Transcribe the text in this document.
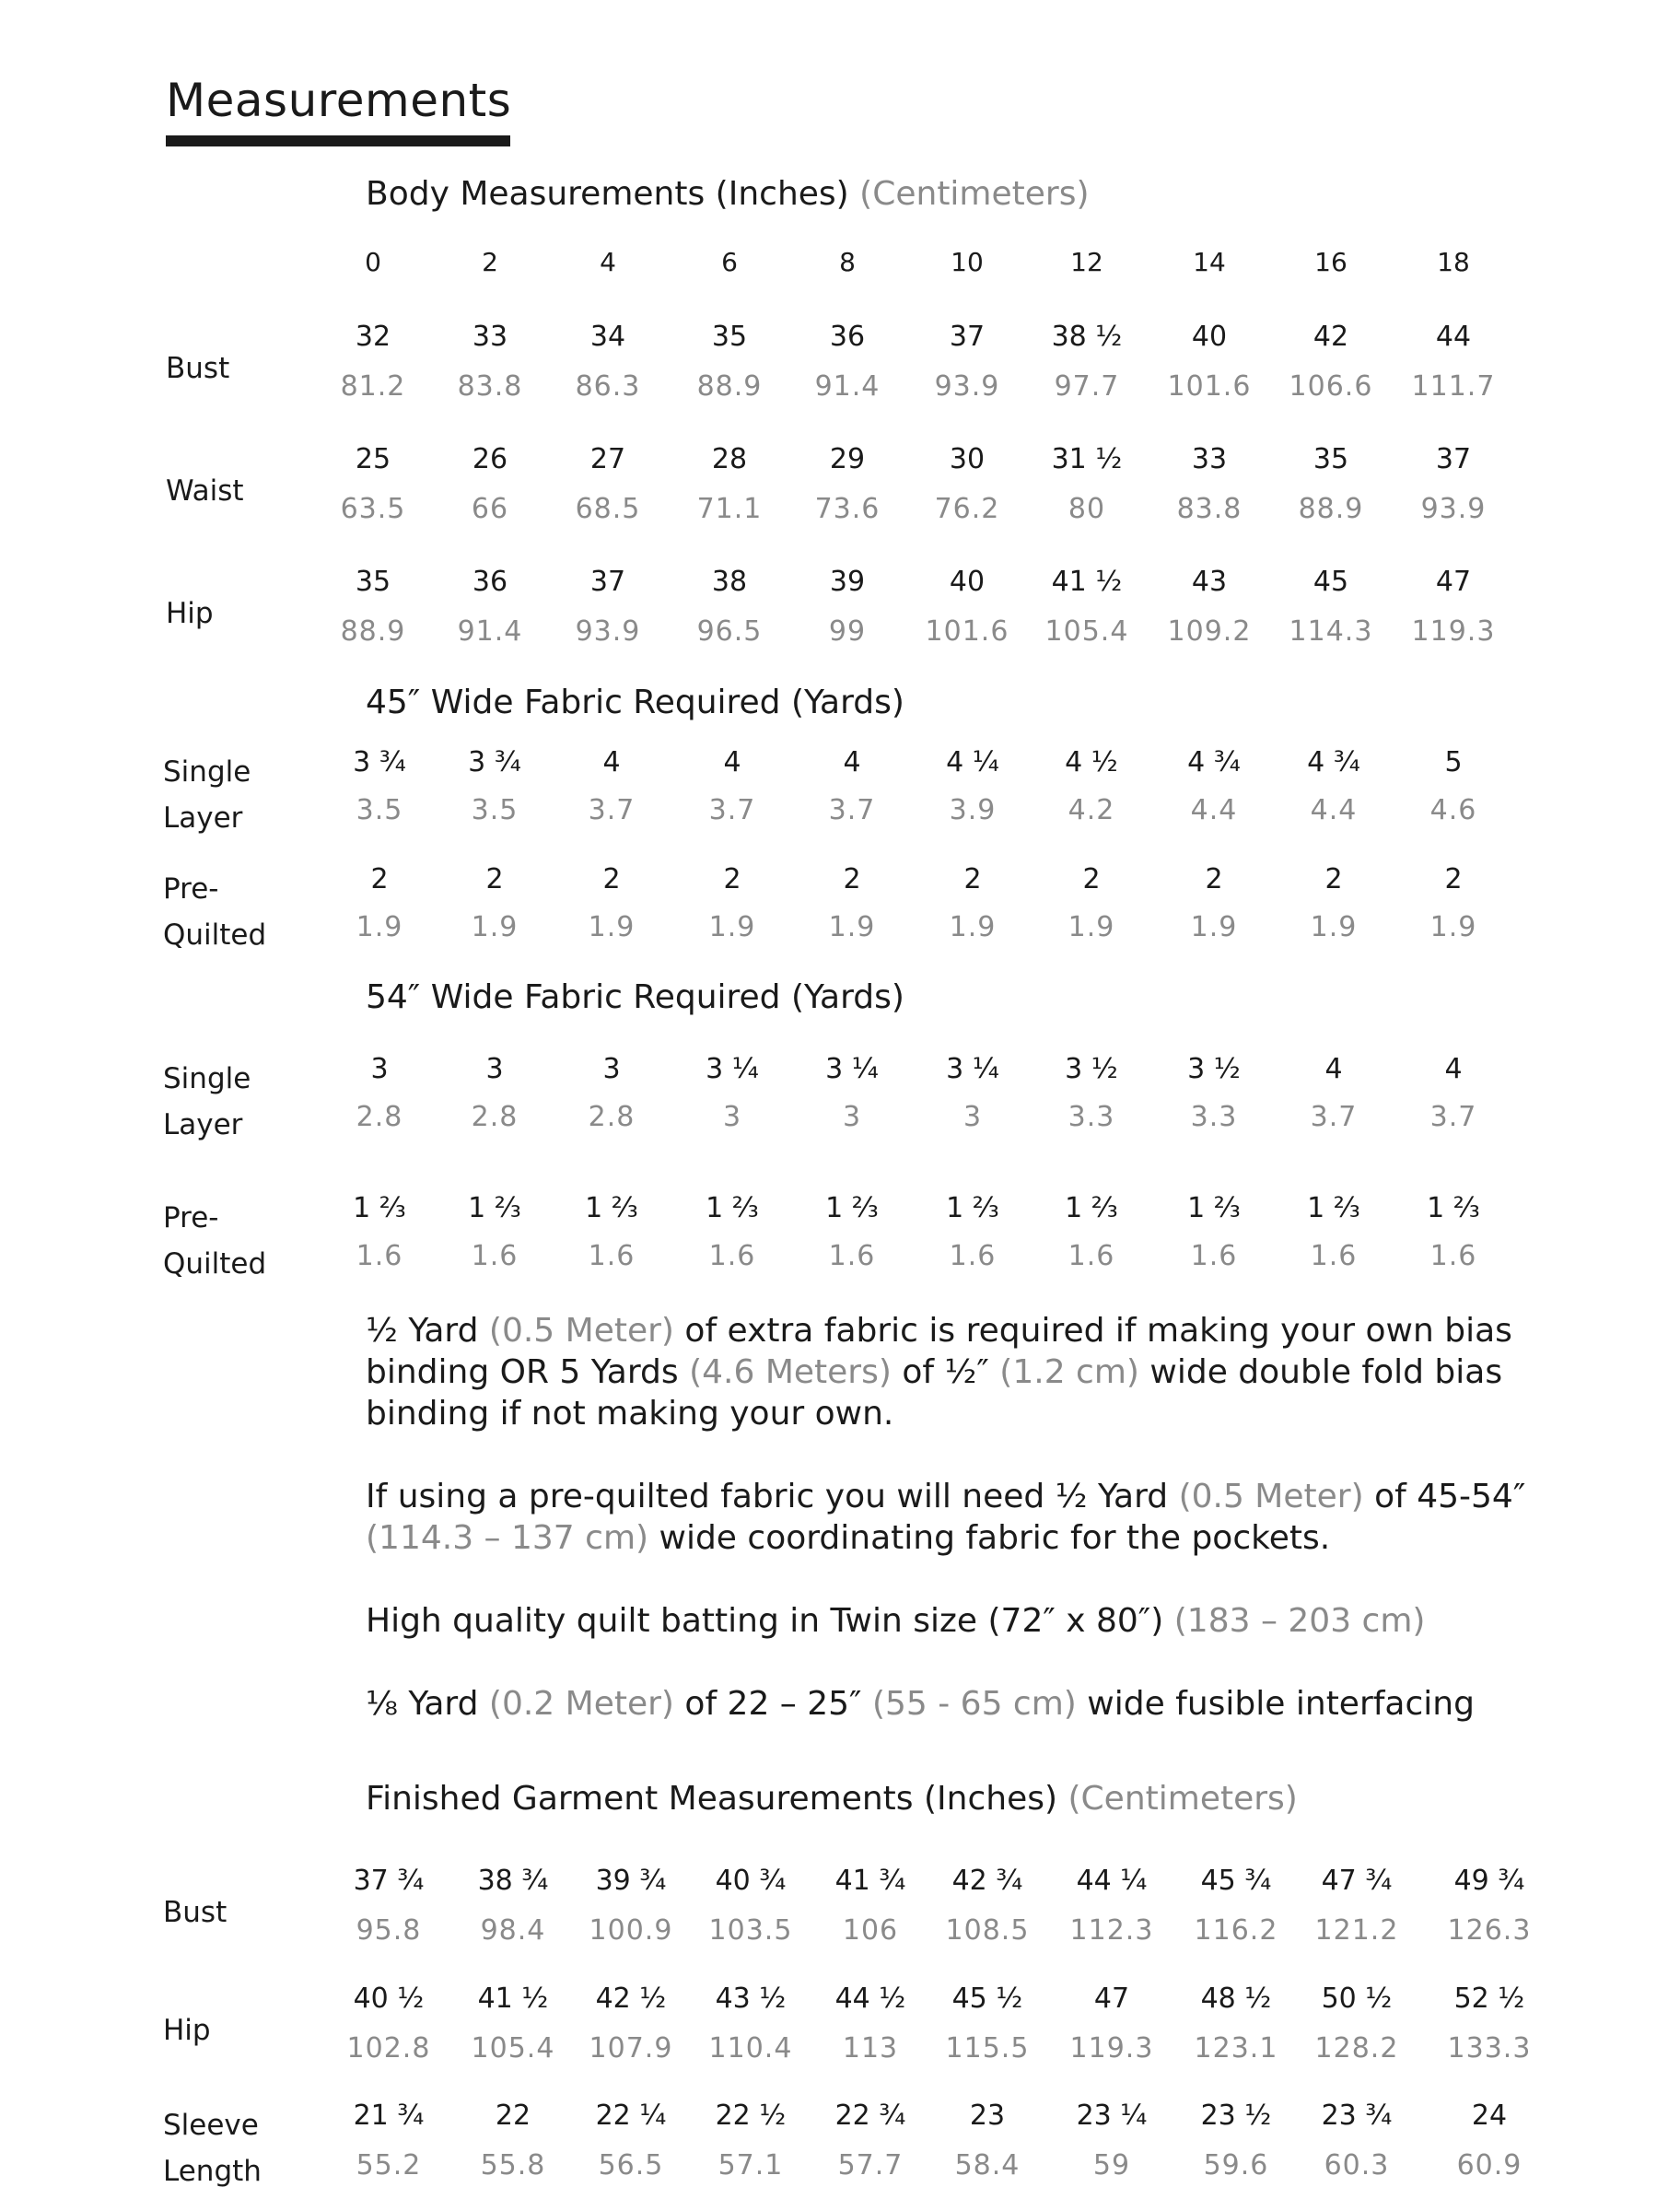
Measurements
Body Measurements (Inches) (Centimeters)
0	2	4	6	8	10	12	14	16	18
Bust
32	33	34	35	36	37	38 ½	40	42	44
81.2	83.8	86.3	88.9	91.4	93.9	97.7	101.6	106.6	111.7
Waist
25	26	27	28	29	30	31 ½	33	35	37
63.5	66	68.5	71.1	73.6	76.2	80	83.8	88.9	93.9
Hip
35	36	37	38	39	40	41 ½	43	45	47
88.9	91.4	93.9	96.5	99	101.6	105.4	109.2	114.3	119.3
45″ Wide Fabric Required (Yards)
Single
Layer
3 ¾	3 ¾	4	4	4	4 ¼	4 ½	4 ¾	4 ¾	5
3.5	3.5	3.7	3.7	3.7	3.9	4.2	4.4	4.4	4.6
Pre-
Quilted
2	2	2	2	2	2	2	2	2	2
1.9	1.9	1.9	1.9	1.9	1.9	1.9	1.9	1.9	1.9
54″ Wide Fabric Required (Yards)
Single
Layer
3	3	3	3 ¼	3 ¼	3 ¼	3 ½	3 ½	4	4
2.8	2.8	2.8	3	3	3	3.3	3.3	3.7	3.7
Pre-
Quilted
1 ⅔	1 ⅔	1 ⅔	1 ⅔	1 ⅔	1 ⅔	1 ⅔	1 ⅔	1 ⅔	1 ⅔
1.6	1.6	1.6	1.6	1.6	1.6	1.6	1.6	1.6	1.6
½ Yard (0.5 Meter) of extra fabric is required if making your own bias binding OR 5 Yards (4.6 Meters) of ½″ (1.2 cm) wide double fold bias binding if not making your own.
If using a pre-quilted fabric you will need ½ Yard (0.5 Meter) of 45-54″ (114.3 – 137 cm) wide coordinating fabric for the pockets.
High quality quilt batting in Twin size (72″ x 80″) (183 – 203 cm)
⅛ Yard (0.2 Meter) of 22 – 25″ (55 - 65 cm) wide fusible interfacing
Finished Garment Measurements (Inches) (Centimeters)
Bust
37 ¾	38 ¾	39 ¾	40 ¾	41 ¾	42 ¾	44 ¼	45 ¾	47 ¾	49 ¾
95.8	98.4	100.9	103.5	106	108.5	112.3	116.2	121.2	126.3
Hip
40 ½	41 ½	42 ½	43 ½	44 ½	45 ½	47	48 ½	50 ½	52 ½
102.8	105.4	107.9	110.4	113	115.5	119.3	123.1	128.2	133.3
Sleeve
Length
21 ¾	22	22 ¼	22 ½	22 ¾	23	23 ¼	23 ½	23 ¾	24
55.2	55.8	56.5	57.1	57.7	58.4	59	59.6	60.3	60.9
